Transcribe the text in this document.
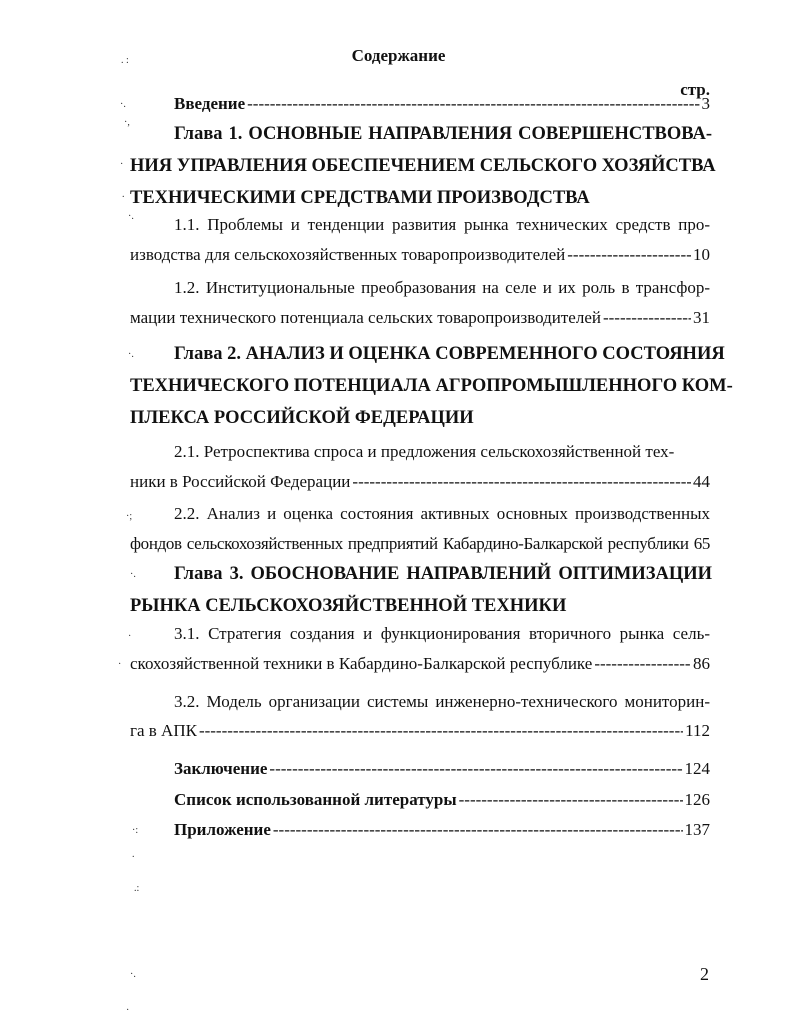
Содержание
стр.
Введение -----	3
Глава 1. ОСНОВНЫЕ НАПРАВЛЕНИЯ СОВЕРШЕНСТВОВА-
НИЯ УПРАВЛЕНИЯ ОБЕСПЕЧЕНИЕМ СЕЛЬСКОГО ХОЗЯЙСТВА
ТЕХНИЧЕСКИМИ СРЕДСТВАМИ ПРОИЗВОДСТВА
1.1. Проблемы и тенденции развития рынка технических средств про-
изводства для сельскохозяйственных товаропроизводителей -----	10
1.2. Институциональные преобразования на селе и их роль в трансфор-
мации технического потенциала сельских товаропроизводителей -----	31
Глава 2. АНАЛИЗ И ОЦЕНКА СОВРЕМЕННОГО СОСТОЯНИЯ
ТЕХНИЧЕСКОГО ПОТЕНЦИАЛА АГРОПРОМЫШЛЕННОГО КОМ-
ПЛЕКСА РОССИЙСКОЙ ФЕДЕРАЦИИ
2.1. Ретроспектива спроса и предложения сельскохозяйственной тех-
ники в Российской Федерации -----	44
2.2. Анализ и оценка состояния активных основных производственных
фондов сельскохозяйственных предприятий Кабардино-Балкарской республики 65
Глава 3. ОБОСНОВАНИЕ НАПРАВЛЕНИЙ ОПТИМИЗАЦИИ
РЫНКА СЕЛЬСКОХОЗЯЙСТВЕННОЙ ТЕХНИКИ
3.1. Стратегия создания и функционирования вторичного рынка сель-
скохозяйственной техники в Кабардино-Балкарской республике -----	86
3.2. Модель организации системы инженерно-технического мониторин-
га в АПК -----	112
Заключение -----	124
Список использованной литературы -----	126
Приложение -----	137
2
. :
·.
·,
·
.
·.
·.
·;
·.
·
·
·:
.
.:
·.
·
